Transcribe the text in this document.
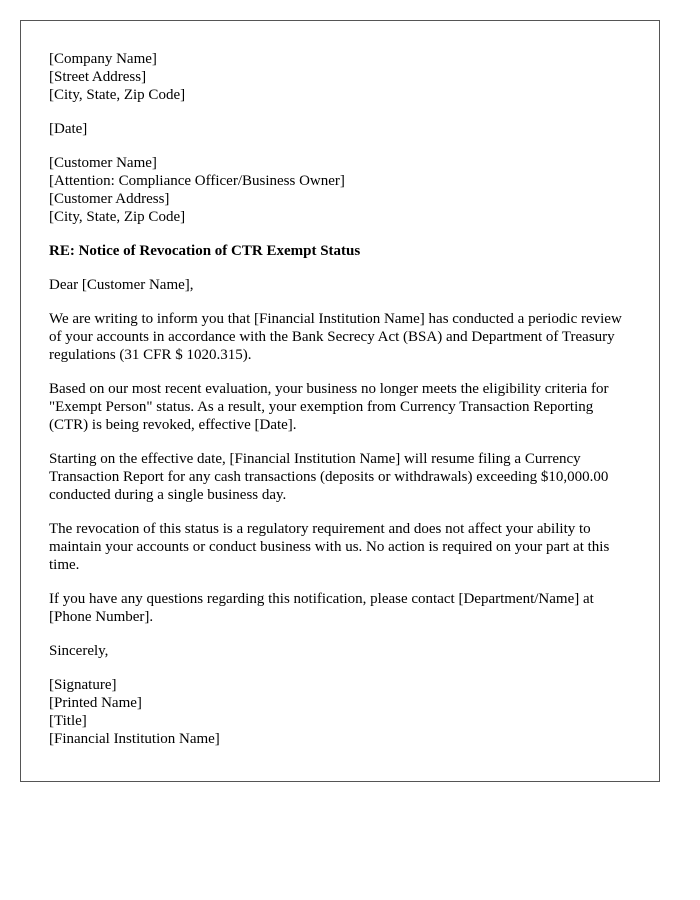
[Company Name]
[Street Address]
[City, State, Zip Code]
[Date]
[Customer Name]
[Attention: Compliance Officer/Business Owner]
[Customer Address]
[City, State, Zip Code]
RE: Notice of Revocation of CTR Exempt Status
Dear [Customer Name],

We are writing to inform you that [Financial Institution Name] has conducted a periodic review of your accounts in accordance with the Bank Secrecy Act (BSA) and Department of Treasury regulations (31 CFR $ 1020.315).

Based on our most recent evaluation, your business no longer meets the eligibility criteria for "Exempt Person" status. As a result, your exemption from Currency Transaction Reporting (CTR) is being revoked, effective [Date].

Starting on the effective date, [Financial Institution Name] will resume filing a Currency Transaction Report for any cash transactions (deposits or withdrawals) exceeding $10,000.00 conducted during a single business day.

The revocation of this status is a regulatory requirement and does not affect your ability to maintain your accounts or conduct business with us. No action is required on your part at this time.

If you have any questions regarding this notification, please contact [Department/Name] at [Phone Number].

Sincerely,
[Signature]
[Printed Name]
[Title]
[Financial Institution Name]
